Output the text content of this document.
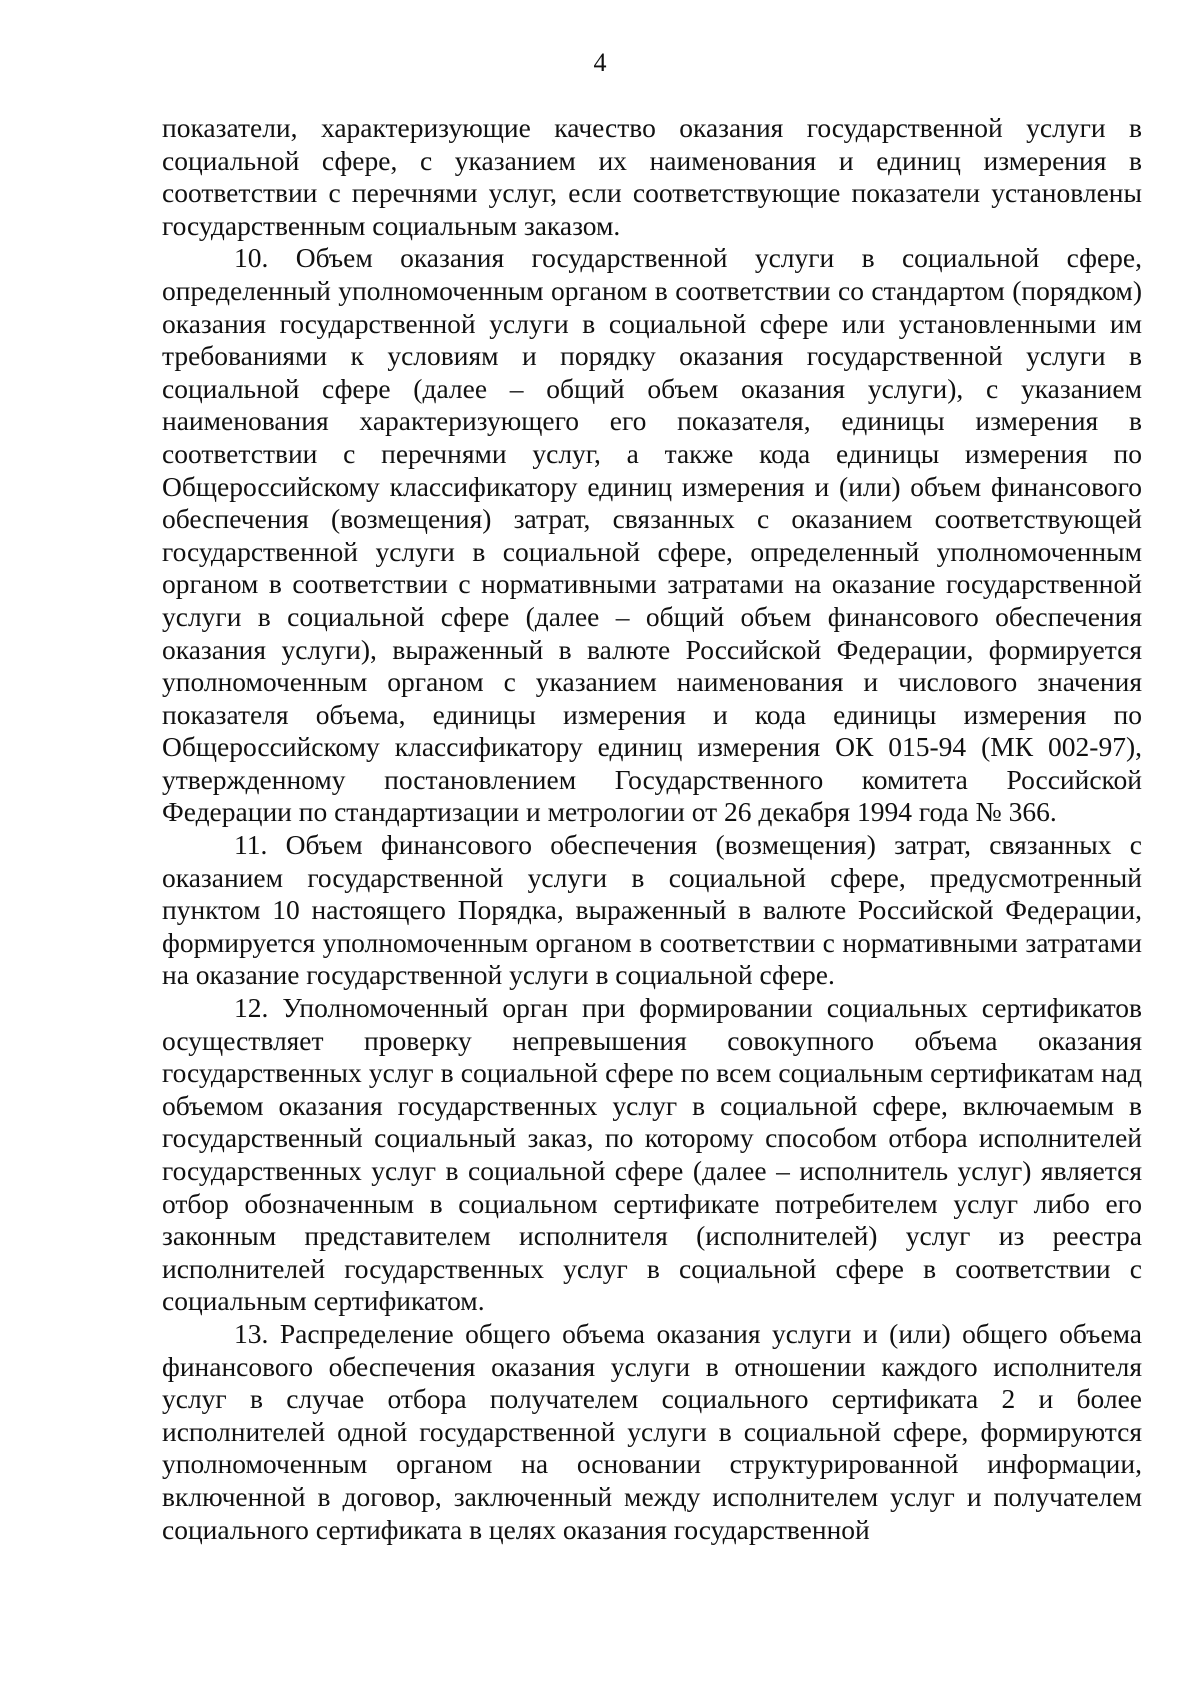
4

показатели, характеризующие качество оказания государственной услуги в социальной сфере, с указанием их наименования и единиц измерения в соответствии с перечнями услуг, если соответствующие показатели установлены государственным социальным заказом.

10. Объем оказания государственной услуги в социальной сфере, определенный уполномоченным органом в соответствии со стандартом (порядком) оказания государственной услуги в социальной сфере или установленными им требованиями к условиям и порядку оказания государственной услуги в социальной сфере (далее – общий объем оказания услуги), с указанием наименования характеризующего его показателя, единицы измерения в соответствии с перечнями услуг, а также кода единицы измерения по Общероссийскому классификатору единиц измерения и (или) объем финансового обеспечения (возмещения) затрат, связанных с оказанием соответствующей государственной услуги в социальной сфере, определенный уполномоченным органом в соответствии с нормативными затратами на оказание государственной услуги в социальной сфере (далее – общий объем финансового обеспечения оказания услуги), выраженный в валюте Российской Федерации, формируется уполномоченным органом с указанием наименования и числового значения показателя объема, единицы измерения и кода единицы измерения по Общероссийскому классификатору единиц измерения ОК 015-94 (МК 002-97), утвержденному постановлением Государственного комитета Российской Федерации по стандартизации и метрологии от 26 декабря 1994 года № 366.

11. Объем финансового обеспечения (возмещения) затрат, связанных с оказанием государственной услуги в социальной сфере, предусмотренный пунктом 10 настоящего Порядка, выраженный в валюте Российской Федерации, формируется уполномоченным органом в соответствии с нормативными затратами на оказание государственной услуги в социальной сфере.

12. Уполномоченный орган при формировании социальных сертификатов осуществляет проверку непревышения совокупного объема оказания государственных услуг в социальной сфере по всем социальным сертификатам над объемом оказания государственных услуг в социальной сфере, включаемым в государственный социальный заказ, по которому способом отбора исполнителей государственных услуг в социальной сфере (далее – исполнитель услуг) является отбор обозначенным в социальном сертификате потребителем услуг либо его законным представителем исполнителя (исполнителей) услуг из реестра исполнителей государственных услуг в социальной сфере в соответствии с социальным сертификатом.

13. Распределение общего объема оказания услуги и (или) общего объема финансового обеспечения оказания услуги в отношении каждого исполнителя услуг в случае отбора получателем социального сертификата 2 и более исполнителей одной государственной услуги в социальной сфере, формируются уполномоченным органом на основании структурированной информации, включенной в договор, заключенный между исполнителем услуг и получателем социального сертификата в целях оказания государственной
